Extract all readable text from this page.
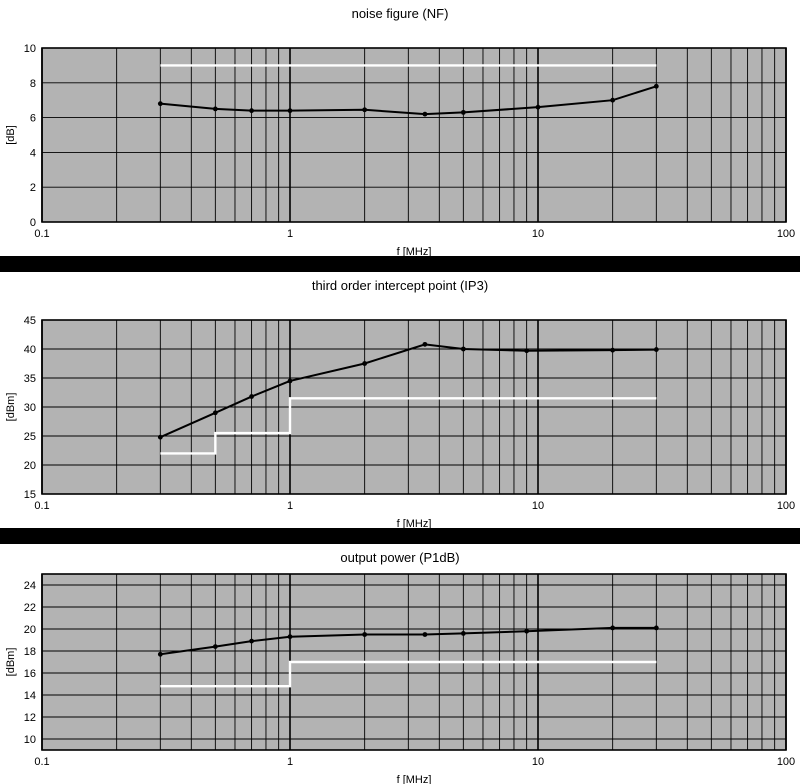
noise figure (NF)
0
2
4
6
8
10
0.1	1	10	100
f [MHz]
[dB]
third order intercept point (IP3)
15
20
25
30
35
40
45
0.1	1	10	100
f [MHz]
[dBm]
output power (P1dB)
10
12
14
16
18
20
22
24
0.1	1	10	100
f [MHz]
[dBm]
